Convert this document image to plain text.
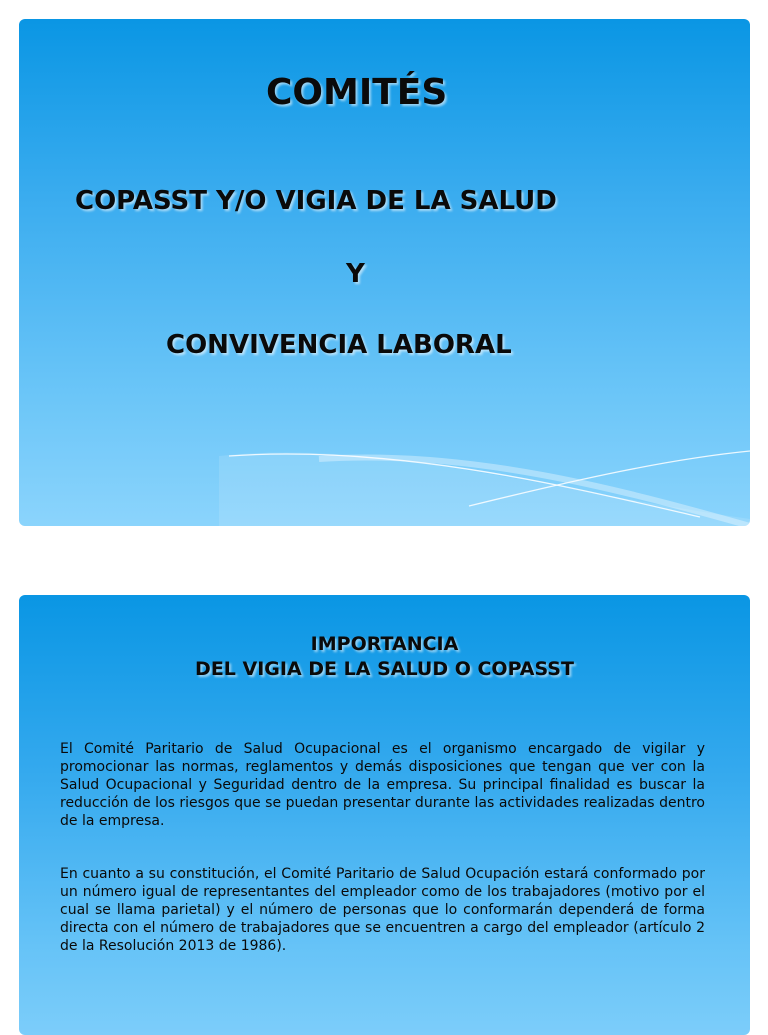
COMITÉS

COPASST Y/O VIGIA DE LA SALUD

Y

CONVIVENCIA LABORAL

IMPORTANCIA

DEL VIGIA DE LA SALUD O COPASST

El Comité Paritario de Salud Ocupacional es el organismo encargado de vigilar y promocionar las normas, reglamentos y demás disposiciones que tengan que ver con la Salud Ocupacional y Seguridad dentro de la empresa. Su principal finalidad es buscar la reducción de los riesgos que se puedan presentar durante las actividades realizadas dentro de la empresa.

En cuanto a su constitución, el Comité Paritario de Salud Ocupación estará conformado por un número igual de representantes del empleador como de los trabajadores (motivo por el cual se llama parietal) y el número de personas que lo conformarán dependerá de forma directa con el número de trabajadores que se encuentren a cargo del empleador (artículo 2 de la Resolución 2013 de 1986).
